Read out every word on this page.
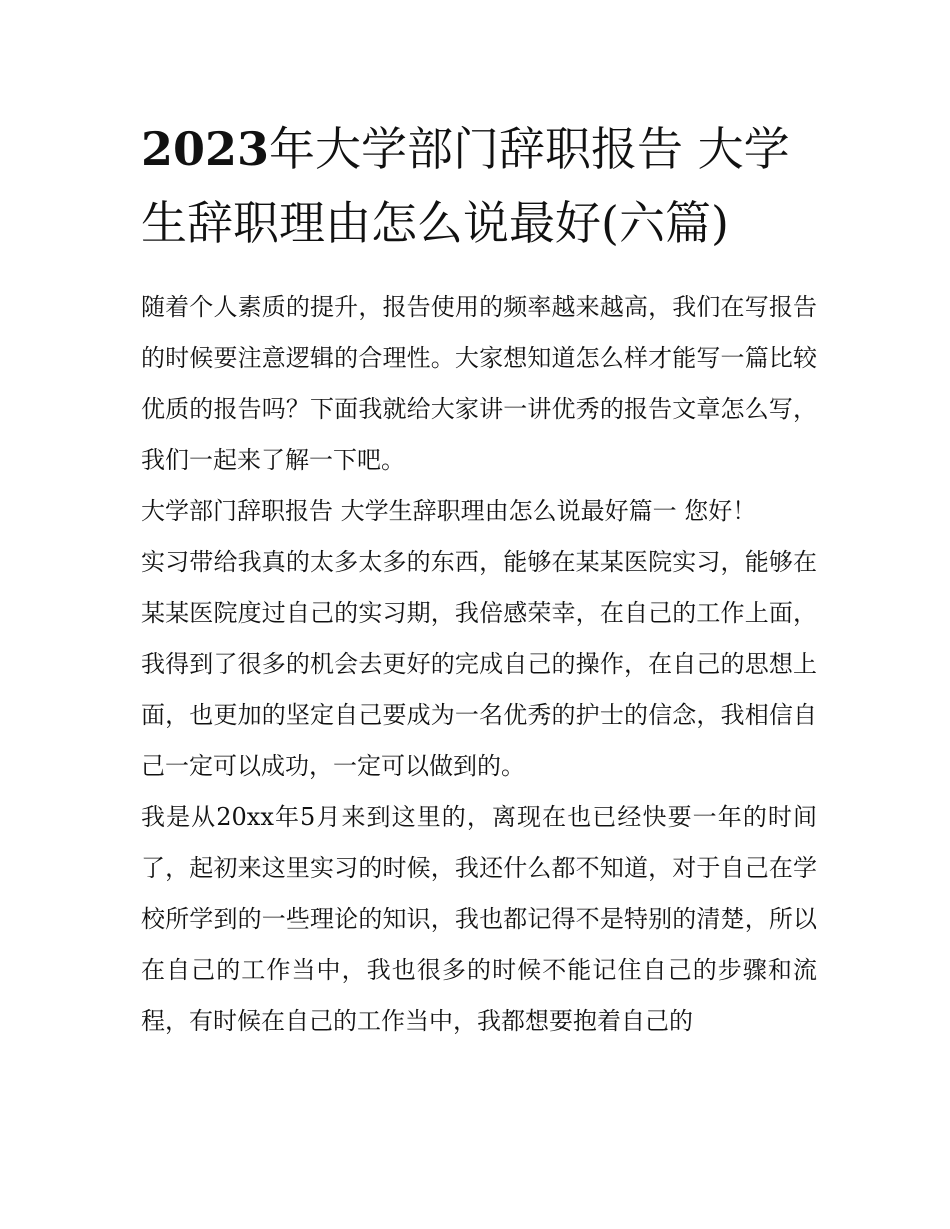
2023年大学部门辞职报告 大学生辞职理由怎么说最好(六篇)

随着个人素质的提升，报告使用的频率越来越高，我们在写报告的时候要注意逻辑的合理性。大家想知道怎么样才能写一篇比较优质的报告吗？下面我就给大家讲一讲优秀的报告文章怎么写，我们一起来了解一下吧。

大学部门辞职报告 大学生辞职理由怎么说最好篇一 您好！

实习带给我真的太多太多的东西，能够在某某医院实习，能够在某某医院度过自己的实习期，我倍感荣幸，在自己的工作上面，我得到了很多的机会去更好的完成自己的操作，在自己的思想上面，也更加的坚定自己要成为一名优秀的护士的信念，我相信自己一定可以成功，一定可以做到的。

我是从20xx年5月来到这里的，离现在也已经快要一年的时间了，起初来这里实习的时候，我还什么都不知道，对于自己在学校所学到的一些理论的知识，我也都记得不是特别的清楚，所以在自己的工作当中，我也很多的时候不能记住自己的步骤和流程，有时候在自己的工作当中，我都想要抱着自己的
